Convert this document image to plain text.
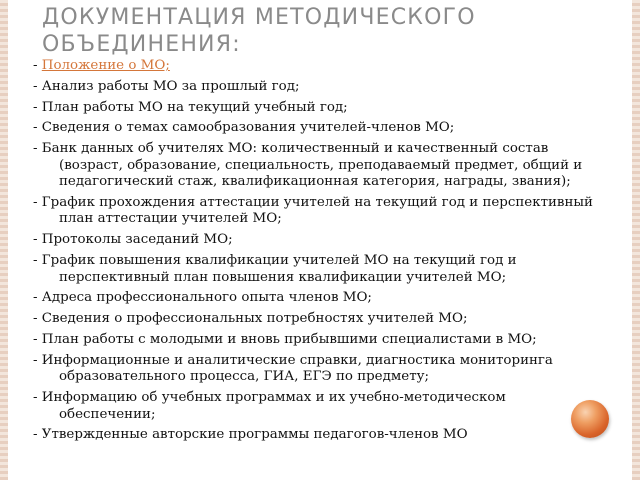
ДОКУМЕНТАЦИЯ МЕТОДИЧЕСКОГО ОБЪЕДИНЕНИЯ:
- Положение о МО;
- Анализ работы МО за прошлый год;
- План работы МО на текущий учебный год;
- Сведения о темах самообразования учителей-членов МО;
- Банк данных об учителях МО: количественный и качественный состав (возраст, образование, специальность, преподаваемый предмет, общий и педагогический стаж, квалификационная категория, награды, звания);
- График прохождения аттестации учителей на текущий год и перспективный план аттестации учителей МО;
- Протоколы заседаний МО;
- График повышения квалификации учителей МО на текущий год и перспективный план повышения квалификации учителей МО;
- Адреса профессионального опыта членов МО;
- Сведения о профессиональных потребностях учителей МО;
- План работы с молодыми и вновь прибывшими специалистами в МО;
- Информационные и аналитические справки, диагностика мониторинга образовательного процесса, ГИА, ЕГЭ по предмету;
- Информацию об учебных программах и их учебно-методическом обеспечении;
- Утвержденные авторские программы педагогов-членов МО
